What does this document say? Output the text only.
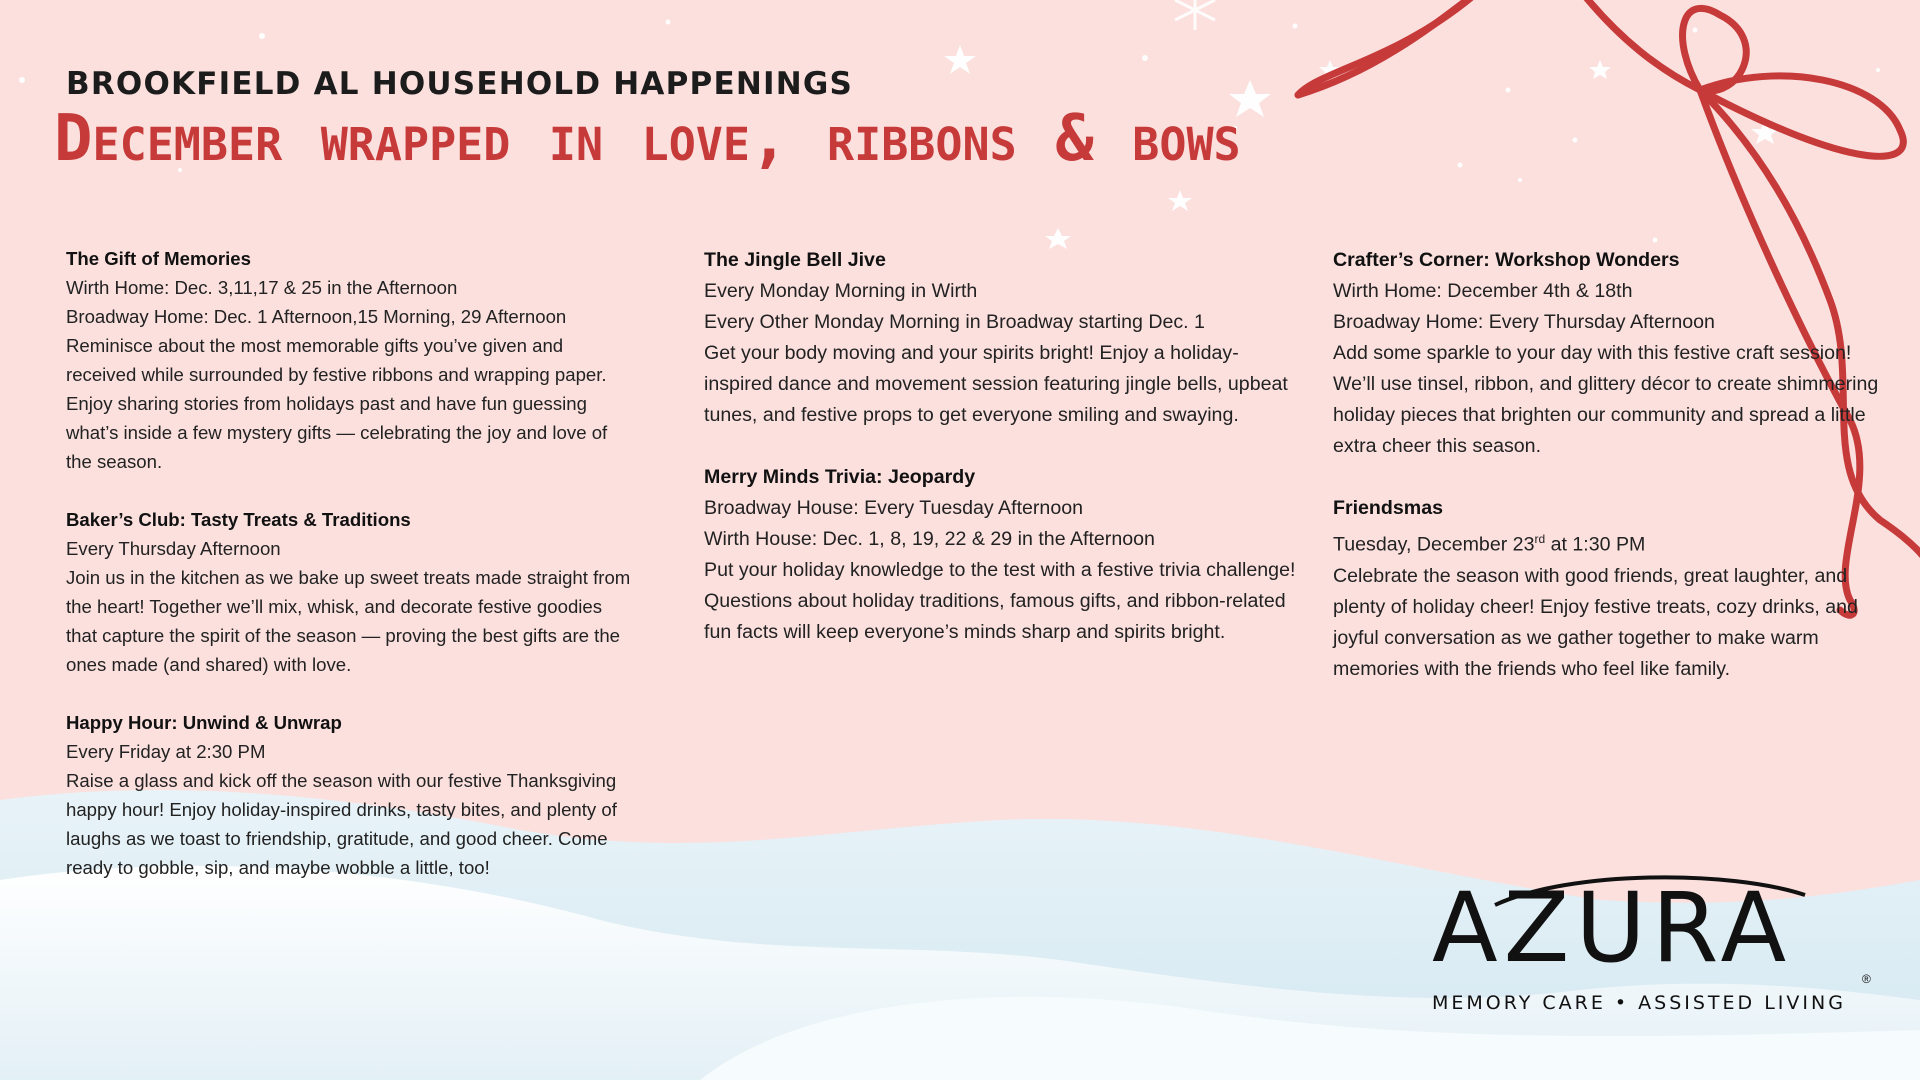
BROOKFIELD AL HOUSEHOLD HAPPENINGS
December wrapped in love, ribbons & bows
The Gift of Memories
Wirth Home: Dec. 3,11,17 & 25 in the Afternoon
Broadway Home: Dec. 1 Afternoon,15 Morning, 29 Afternoon
Reminisce about the most memorable gifts you’ve given and received while surrounded by festive ribbons and wrapping paper. Enjoy sharing stories from holidays past and have fun guessing what’s inside a few mystery gifts — celebrating the joy and love of the season.
Baker’s Club: Tasty Treats & Traditions
Every Thursday Afternoon
Join us in the kitchen as we bake up sweet treats made straight from the heart! Together we’ll mix, whisk, and decorate festive goodies that capture the spirit of the season — proving the best gifts are the ones made (and shared) with love.
Happy Hour: Unwind & Unwrap
Every Friday at 2:30 PM
Raise a glass and kick off the season with our festive Thanksgiving happy hour! Enjoy holiday-inspired drinks, tasty bites, and plenty of laughs as we toast to friendship, gratitude, and good cheer. Come ready to gobble, sip, and maybe wobble a little, too!
The Jingle Bell Jive
Every Monday Morning in Wirth
Every Other Monday Morning in Broadway starting Dec. 1
Get your body moving and your spirits bright! Enjoy a holiday-inspired dance and movement session featuring jingle bells, upbeat tunes, and festive props to get everyone smiling and swaying.
Merry Minds Trivia: Jeopardy
Broadway House: Every Tuesday Afternoon
Wirth House: Dec. 1, 8, 19, 22 & 29 in the Afternoon
Put your holiday knowledge to the test with a festive trivia challenge! Questions about holiday traditions, famous gifts, and ribbon-related fun facts will keep everyone’s minds sharp and spirits bright.
Crafter’s Corner: Workshop Wonders
Wirth Home: December 4th & 18th
Broadway Home: Every Thursday Afternoon
Add some sparkle to your day with this festive craft session! We’ll use tinsel, ribbon, and glittery décor to create shimmering holiday pieces that brighten our community and spread a little extra cheer this season.
Friendsmas
Tuesday, December 23rd at 1:30 PM
Celebrate the season with good friends, great laughter, and plenty of holiday cheer! Enjoy festive treats, cozy drinks, and joyful conversation as we gather together to make warm memories with the friends who feel like family.
AZURA	®
MEMORY CARE • ASSISTED LIVING
